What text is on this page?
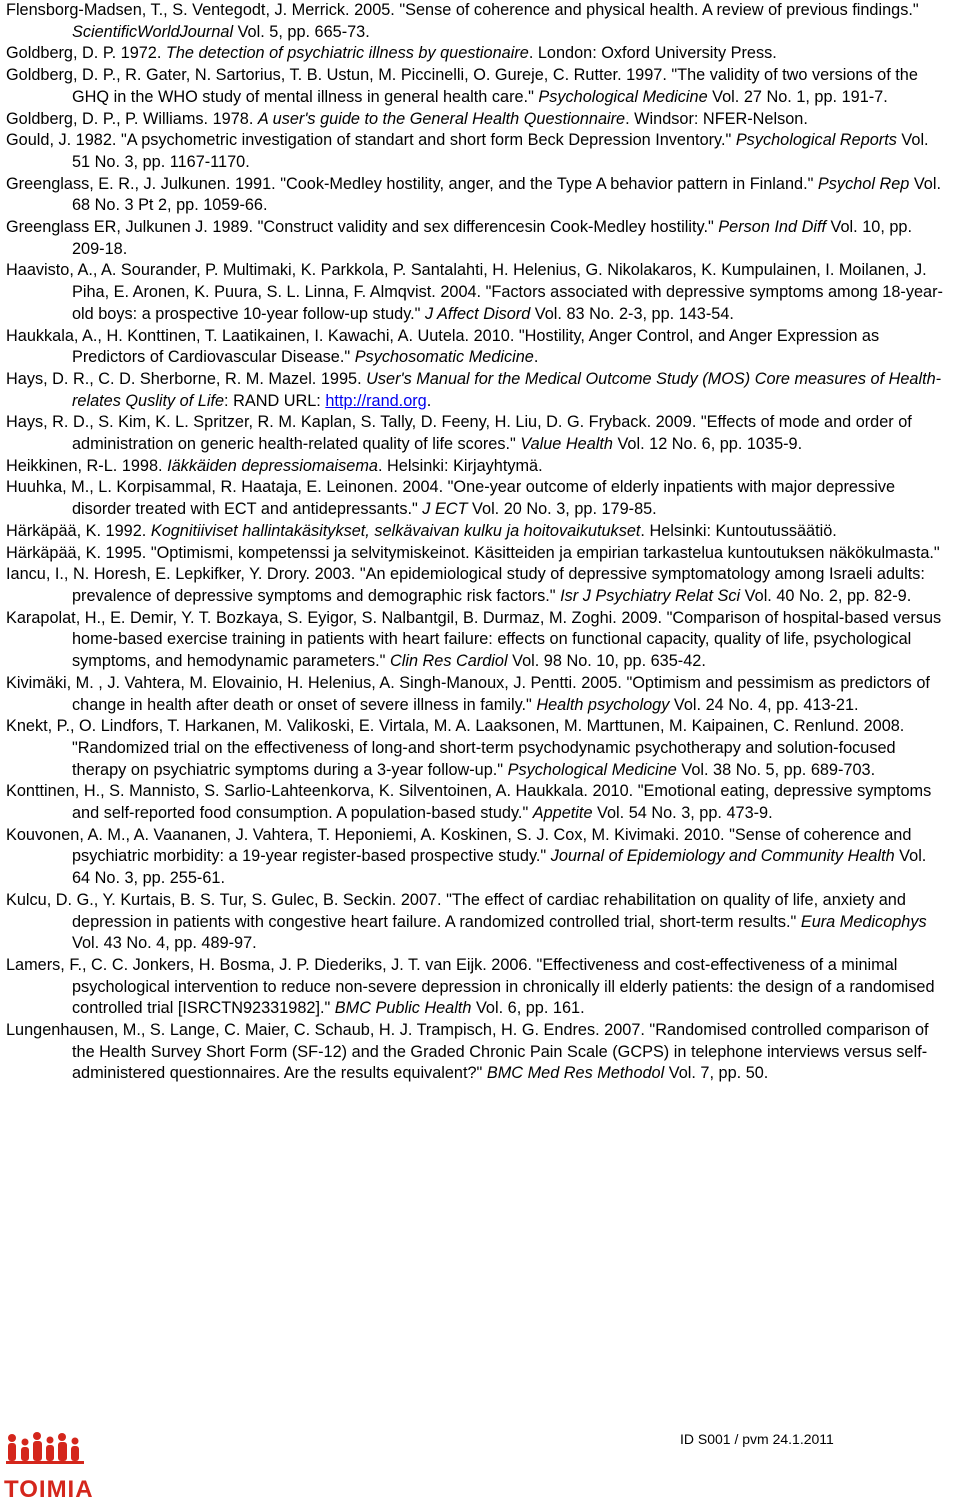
Flensborg-Madsen, T., S. Ventegodt, J. Merrick. 2005. "Sense of coherence and physical health. A review of previous findings." ScientificWorldJournal Vol. 5, pp. 665-73.

Goldberg, D. P. 1972. The detection of psychiatric illness by questionaire. London: Oxford University Press.

Goldberg, D. P., R. Gater, N. Sartorius, T. B. Ustun, M. Piccinelli, O. Gureje, C. Rutter. 1997. "The validity of two versions of the GHQ in the WHO study of mental illness in general health care." Psychological Medicine Vol. 27 No. 1, pp. 191-7.

Goldberg, D. P., P. Williams. 1978. A user's guide to the General Health Questionnaire. Windsor: NFER-Nelson.

Gould, J. 1982. "A psychometric investigation of standart and short form Beck Depression Inventory." Psychological Reports Vol. 51 No. 3, pp. 1167-1170.

Greenglass, E. R., J. Julkunen. 1991. "Cook-Medley hostility, anger, and the Type A behavior pattern in Finland." Psychol Rep Vol. 68 No. 3 Pt 2, pp. 1059-66.

Greenglass ER, Julkunen J. 1989. "Construct validity and sex differencesin Cook-Medley hostility." Person Ind Diff Vol. 10, pp. 209-18.

Haavisto, A., A. Sourander, P. Multimaki, K. Parkkola, P. Santalahti, H. Helenius, G. Nikolakaros, K. Kumpulainen, I. Moilanen, J. Piha, E. Aronen, K. Puura, S. L. Linna, F. Almqvist. 2004. "Factors associated with depressive symptoms among 18-year-old boys: a prospective 10-year follow-up study." J Affect Disord Vol. 83 No. 2-3, pp. 143-54.

Haukkala, A., H. Konttinen, T. Laatikainen, I. Kawachi, A. Uutela. 2010. "Hostility, Anger Control, and Anger Expression as Predictors of Cardiovascular Disease." Psychosomatic Medicine.

Hays, D. R., C. D. Sherborne, R. M. Mazel. 1995. User's Manual for the Medical Outcome Study (MOS) Core measures of Health-relates Quslity of Life: RAND URL: http://rand.org.

Hays, R. D., S. Kim, K. L. Spritzer, R. M. Kaplan, S. Tally, D. Feeny, H. Liu, D. G. Fryback. 2009. "Effects of mode and order of administration on generic health-related quality of life scores." Value Health Vol. 12 No. 6, pp. 1035-9.

Heikkinen, R-L. 1998. Iäkkäiden depressiomaisema. Helsinki: Kirjayhtymä.

Huuhka, M., L. Korpisammal, R. Haataja, E. Leinonen. 2004. "One-year outcome of elderly inpatients with major depressive disorder treated with ECT and antidepressants." J ECT Vol. 20 No. 3, pp. 179-85.

Härkäpää, K. 1992. Kognitiiviset hallintakäsitykset, selkävaivan kulku ja hoitovaikutukset. Helsinki: Kuntoutussäätiö.

Härkäpää, K. 1995. "Optimismi, kompetenssi ja selvitymiskeinot. Käsitteiden ja empirian tarkastelua kuntoutuksen näkökulmasta."

Iancu, I., N. Horesh, E. Lepkifker, Y. Drory. 2003. "An epidemiological study of depressive symptomatology among Israeli adults: prevalence of depressive symptoms and demographic risk factors." Isr J Psychiatry Relat Sci Vol. 40 No. 2, pp. 82-9.

Karapolat, H., E. Demir, Y. T. Bozkaya, S. Eyigor, S. Nalbantgil, B. Durmaz, M. Zoghi. 2009. "Comparison of hospital-based versus home-based exercise training in patients with heart failure: effects on functional capacity, quality of life, psychological symptoms, and hemodynamic parameters." Clin Res Cardiol Vol. 98 No. 10, pp. 635-42.

Kivimäki, M. , J. Vahtera, M. Elovainio, H. Helenius, A. Singh-Manoux, J. Pentti. 2005. "Optimism and pessimism as predictors of change in health after death or onset of severe illness in family." Health psychology Vol. 24 No. 4, pp. 413-21.

Knekt, P., O. Lindfors, T. Harkanen, M. Valikoski, E. Virtala, M. A. Laaksonen, M. Marttunen, M. Kaipainen, C. Renlund. 2008. "Randomized trial on the effectiveness of long-and short-term psychodynamic psychotherapy and solution-focused therapy on psychiatric symptoms during a 3-year follow-up." Psychological Medicine Vol. 38 No. 5, pp. 689-703.

Konttinen, H., S. Mannisto, S. Sarlio-Lahteenkorva, K. Silventoinen, A. Haukkala. 2010. "Emotional eating, depressive symptoms and self-reported food consumption. A population-based study." Appetite Vol. 54 No. 3, pp. 473-9.

Kouvonen, A. M., A. Vaananen, J. Vahtera, T. Heponiemi, A. Koskinen, S. J. Cox, M. Kivimaki. 2010. "Sense of coherence and psychiatric morbidity: a 19-year register-based prospective study." Journal of Epidemiology and Community Health Vol. 64 No. 3, pp. 255-61.

Kulcu, D. G., Y. Kurtais, B. S. Tur, S. Gulec, B. Seckin. 2007. "The effect of cardiac rehabilitation on quality of life, anxiety and depression in patients with congestive heart failure. A randomized controlled trial, short-term results." Eura Medicophys Vol. 43 No. 4, pp. 489-97.

Lamers, F., C. C. Jonkers, H. Bosma, J. P. Diederiks, J. T. van Eijk. 2006. "Effectiveness and cost-effectiveness of a minimal psychological intervention to reduce non-severe depression in chronically ill elderly patients: the design of a randomised controlled trial [ISRCTN92331982]." BMC Public Health Vol. 6, pp. 161.

Lungenhausen, M., S. Lange, C. Maier, C. Schaub, H. J. Trampisch, H. G. Endres. 2007. "Randomised controlled comparison of the Health Survey Short Form (SF-12) and the Graded Chronic Pain Scale (GCPS) in telephone interviews versus self-administered questionnaires. Are the results equivalent?" BMC Med Res Methodol Vol. 7, pp. 50.

TOIMIA
ID S001 / pvm 24.1.2011
